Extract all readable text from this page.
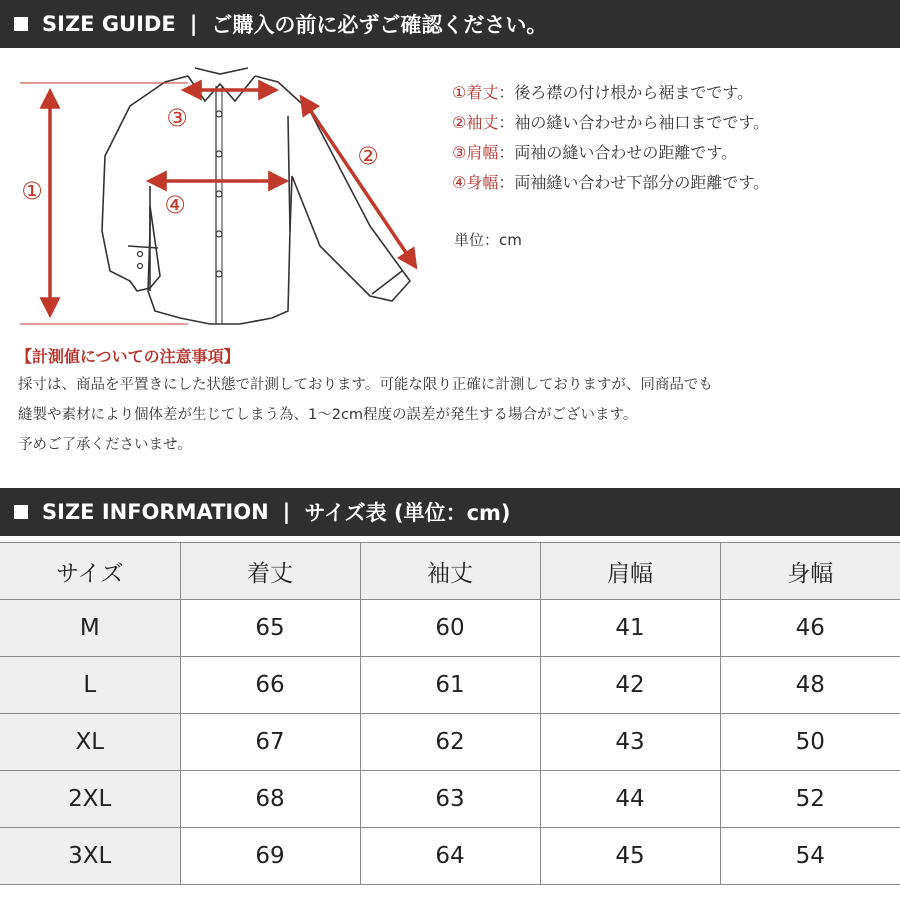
SIZE GUIDE | ご購入の前に必ずご確認ください。
①
②
③
④
①着丈：後ろ襟の付け根から裾までです。
②袖丈：袖の縫い合わせから袖口までです。
③肩幅：両袖の縫い合わせの距離です。
④身幅：両袖縫い合わせ下部分の距離です。
単位：cm
【計測値についての注意事項】
採寸は、商品を平置きにした状態で計測しております。可能な限り正確に計測しておりますが、同商品でも
縫製や素材により個体差が生じてしまう為、1〜2cm程度の誤差が発生する場合がございます。
予めご了承くださいませ。
SIZE INFORMATION | サイズ表 (単位：cm)
サイズ	着丈	袖丈	肩幅	身幅
M	65	60	41	46
L	66	61	42	48
XL	67	62	43	50
2XL	68	63	44	52
3XL	69	64	45	54
